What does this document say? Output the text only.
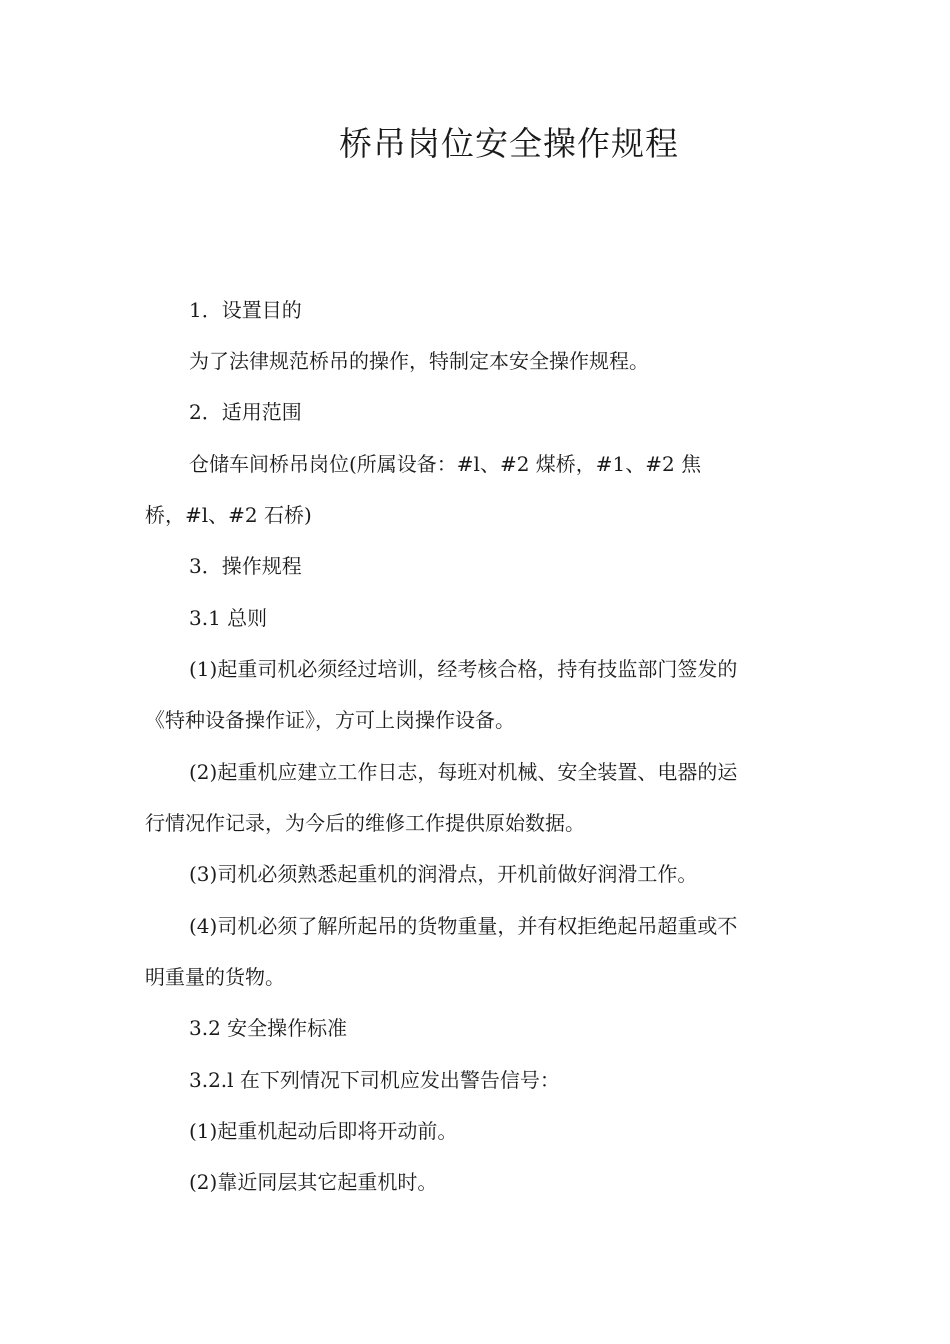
桥吊岗位安全操作规程
1．设置目的
为了法律规范桥吊的操作，特制定本安全操作规程。
2．适用范围
仓储车间桥吊岗位(所属设备：#l、#2 煤桥，#1、#2 焦
桥，#l、#2 石桥)
3．操作规程
3.1 总则
(1)起重司机必须经过培训，经考核合格，持有技监部门签发的
《特种设备操作证》，方可上岗操作设备。
(2)起重机应建立工作日志，每班对机械、安全装置、电器的运
行情况作记录，为今后的维修工作提供原始数据。
(3)司机必须熟悉起重机的润滑点，开机前做好润滑工作。
(4)司机必须了解所起吊的货物重量，并有权拒绝起吊超重或不
明重量的货物。
3.2 安全操作标准
3.2.l 在下列情况下司机应发出警告信号：
(1)起重机起动后即将开动前。
(2)靠近同层其它起重机时。
